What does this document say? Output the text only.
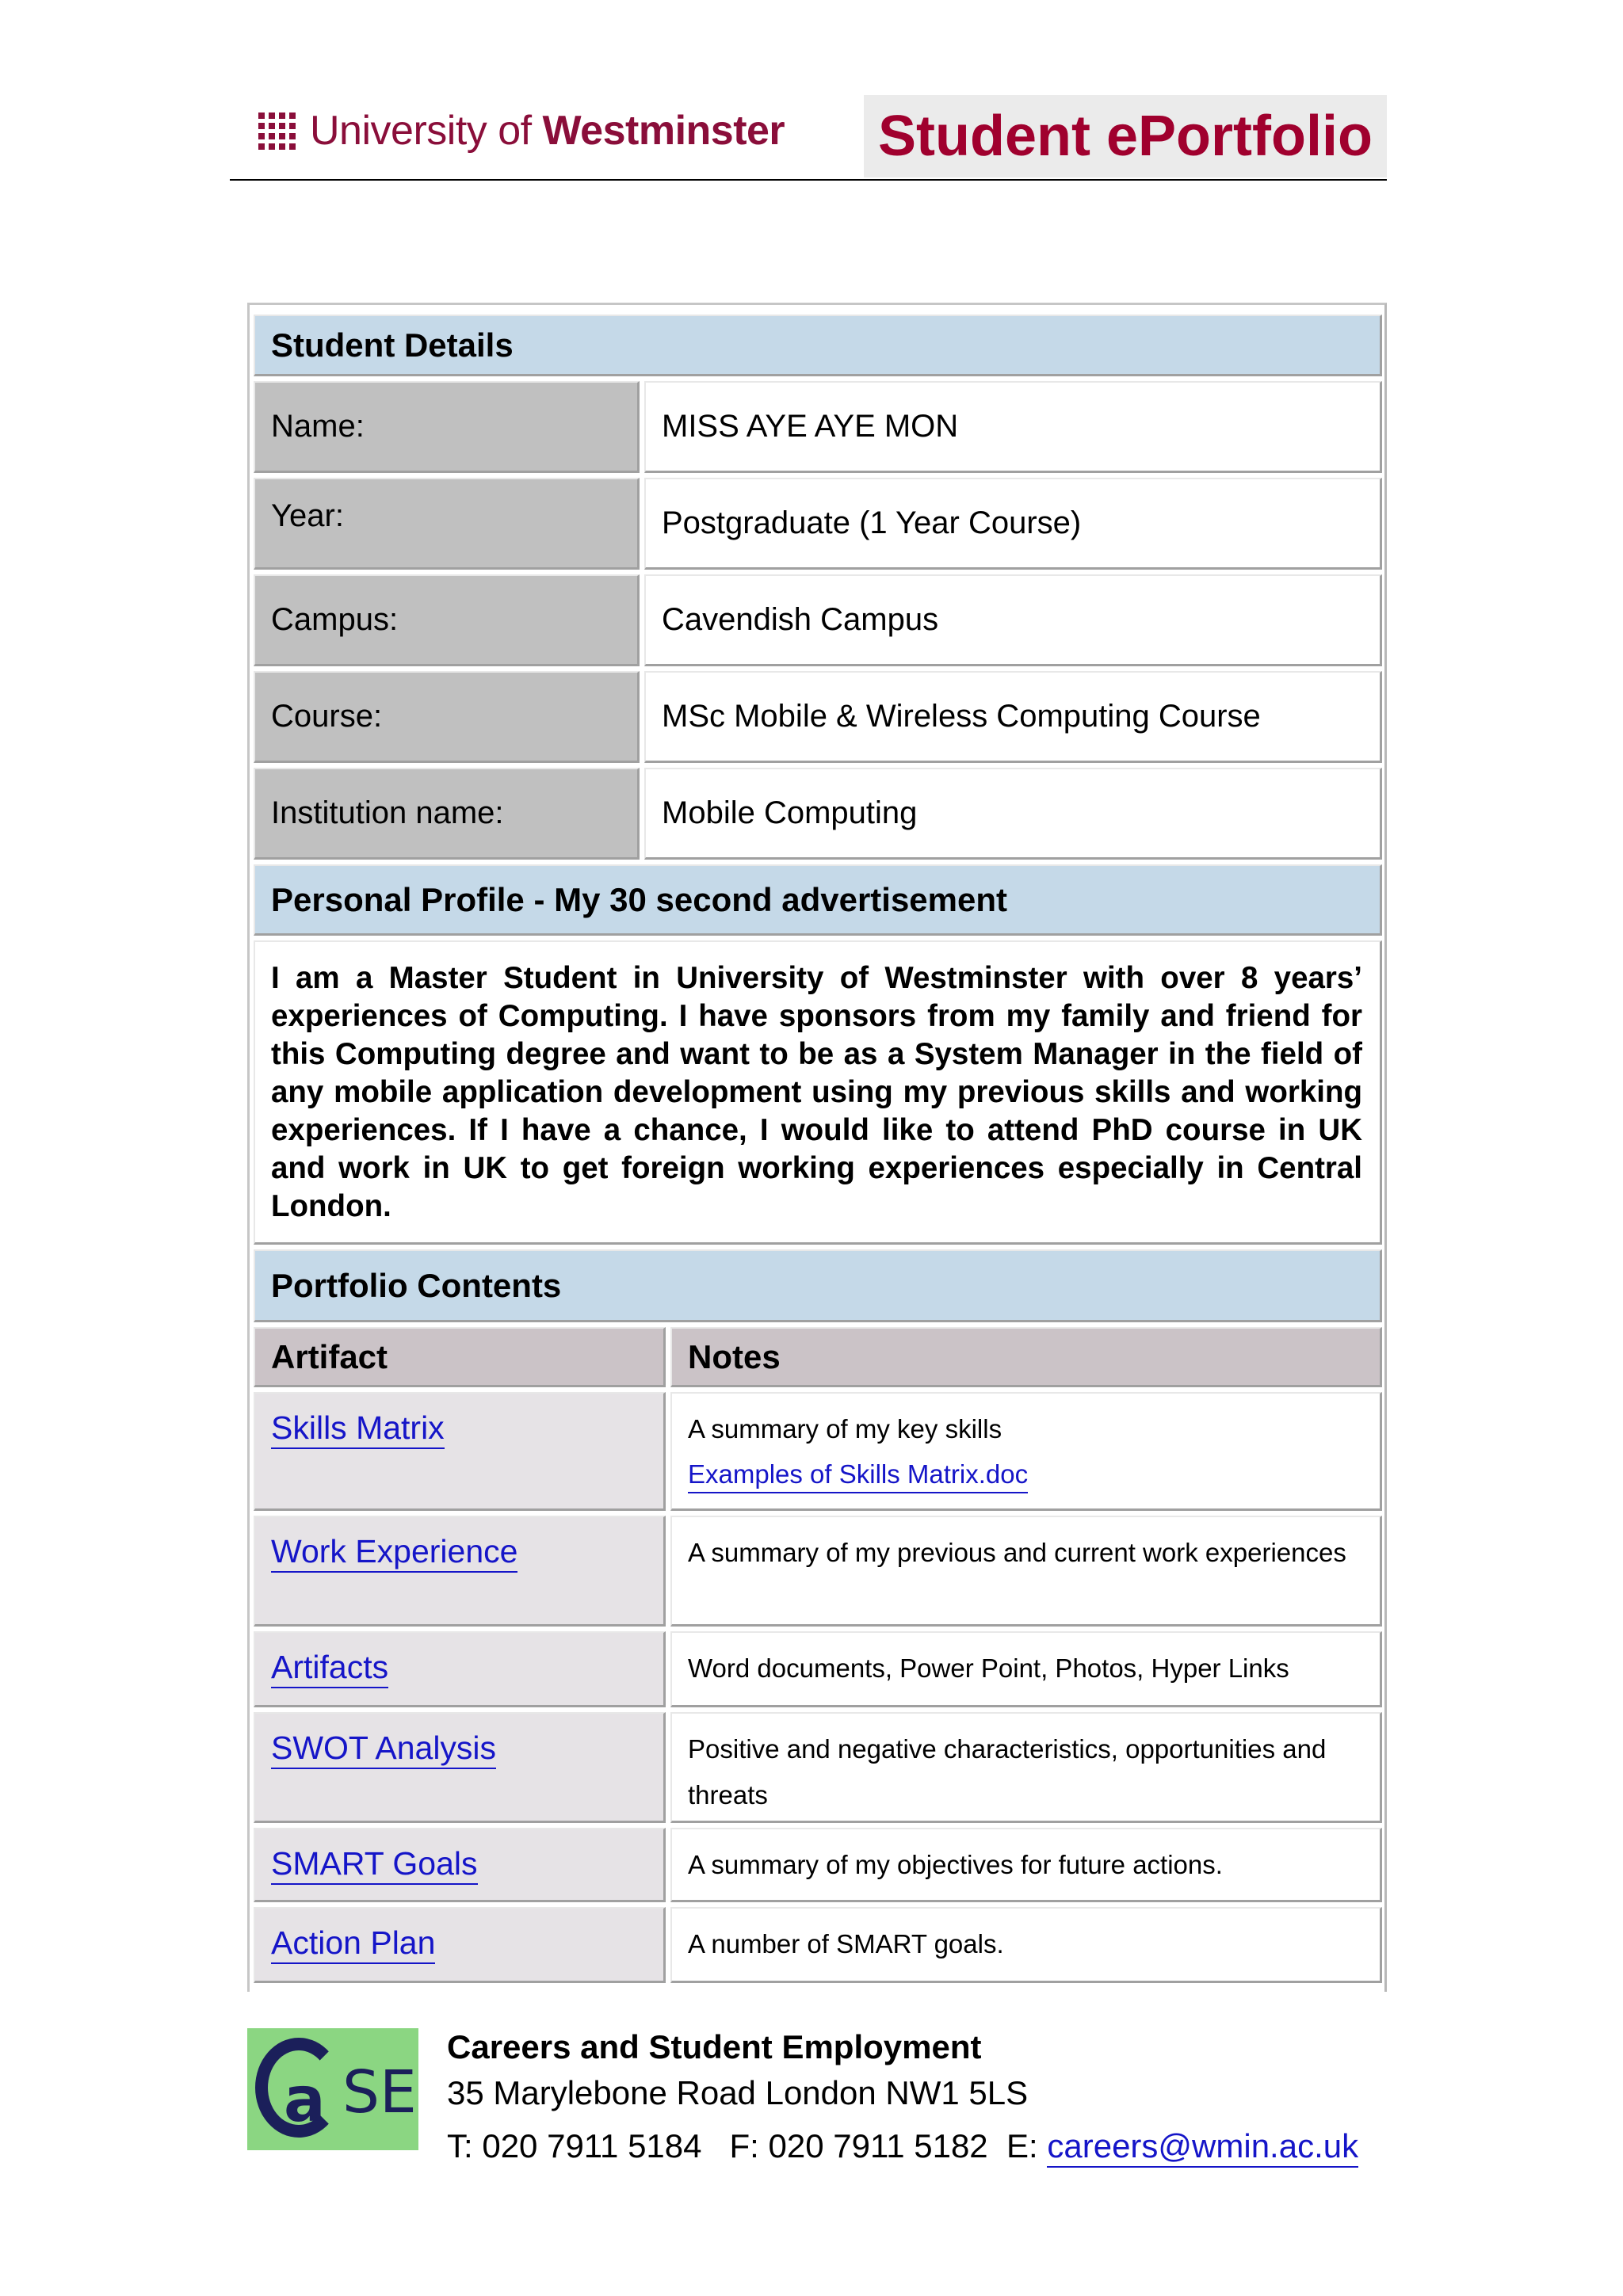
University of Westminster Student ePortfolio
Student Details
Name:	MISS AYE AYE MON
Year:	Postgraduate (1 Year Course)
Campus:	Cavendish Campus
Course:	MSc Mobile & Wireless Computing Course
Institution name:	Mobile Computing
Personal Profile - My 30 second advertisement
I am a Master Student in University of Westminster with over 8 years’ experiences of Computing. I have sponsors from my family and friend for this Computing degree and want to be as a System Manager in the field of any mobile application development using my previous skills and working experiences. If I have a chance, I would like to attend PhD course in UK and work in UK to get foreign working experiences especially in Central London.
Portfolio Contents
Artifact	Notes
Skills Matrix	A summary of my key skills
Examples of Skills Matrix.doc
Work Experience	A summary of my previous and current work experiences
Artifacts	Word documents, Power Point, Photos, Hyper Links
SWOT Analysis	Positive and negative characteristics, opportunities and threats
SMART Goals	A summary of my objectives for future actions.
Action Plan	A number of SMART goals.
a SE
Careers and Student Employment
35 Marylebone Road London NW1 5LS
T: 020 7911 5184   F: 020 7911 5182  E: careers@wmin.ac.uk
